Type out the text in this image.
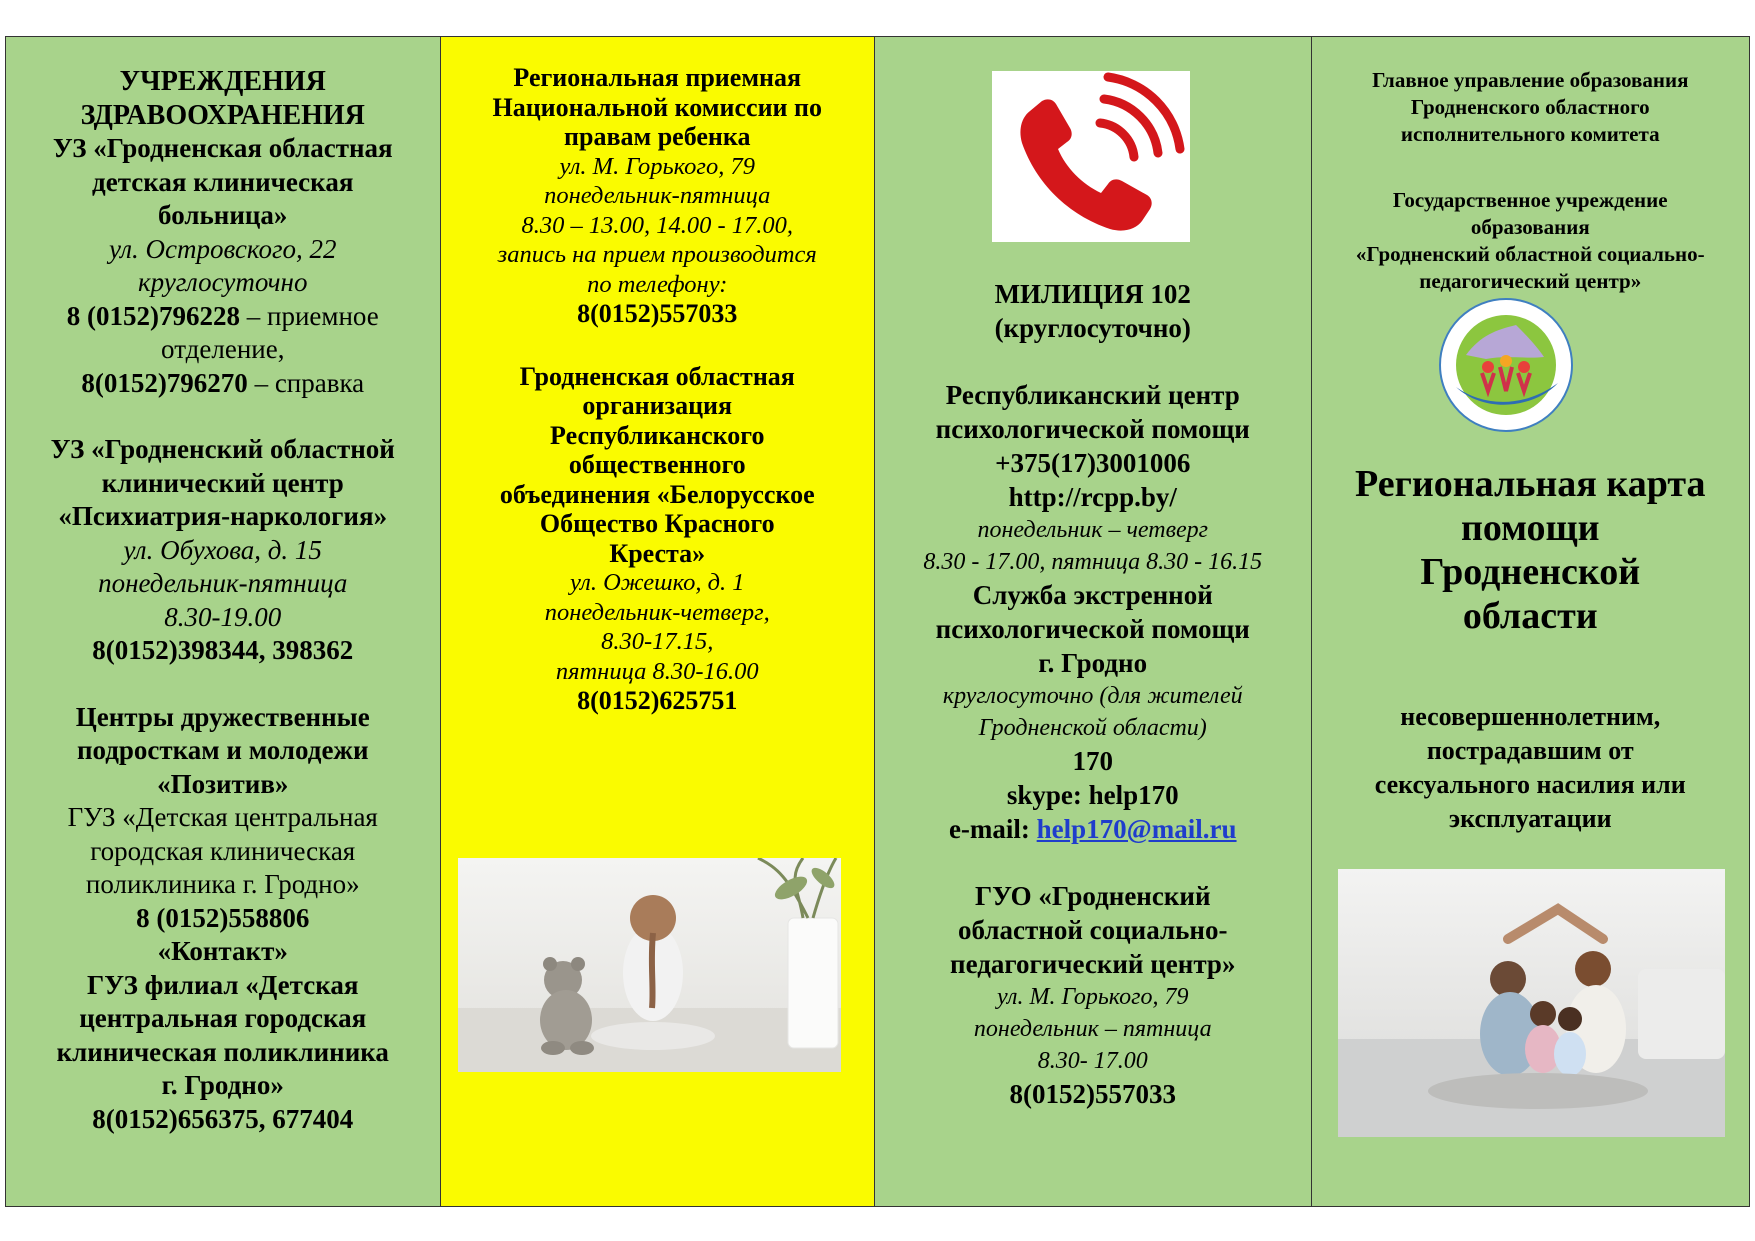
УЧРЕЖДЕНИЯ

ЗДРАВООХРАНЕНИЯ

УЗ «Гродненская областная

детская клиническая

больница»

ул. Островского, 22

круглосуточно

8 (0152)796228 – приемное

отделение,

8(0152)796270 – справка

УЗ «Гродненский областной

клинический центр

«Психиатрия-наркология»

ул. Обухова, д. 15

понедельник-пятница

8.30-19.00

8(0152)398344, 398362

Центры дружественные

подросткам и молодежи

«Позитив»

ГУЗ «Детская центральная

городская клиническая

поликлиника г. Гродно»

8 (0152)558806

«Контакт»

ГУЗ филиал «Детская

центральная городская

клиническая поликлиника

г. Гродно»

8(0152)656375, 677404

Региональная приемная

Национальной комиссии по

правам ребенка

ул. М. Горького, 79

понедельник-пятница

8.30 – 13.00, 14.00 - 17.00,

запись на прием производится

по телефону:

8(0152)557033

Гродненская областная

организация

Республиканского

общественного

объединения «Белорусское

Общество Красного

Креста»

ул. Ожешко, д. 1

понедельник-четверг,

8.30-17.15,

пятница 8.30-16.00

8(0152)625751

МИЛИЦИЯ 102

(круглосуточно)

Республиканский центр

психологической помощи

+375(17)3001006

http://rcpp.by/

понедельник – четверг

8.30 - 17.00, пятница 8.30 - 16.15

Служба экстренной

психологической помощи

г. Гродно

круглосуточно (для жителей

Гродненской области)

170

skype: help170

e-mail: help170@mail.ru

ГУО «Гродненский

областной социально-

педагогический центр»

ул. М. Горького, 79

понедельник – пятница

8.30- 17.00

8(0152)557033

Главное управление образования

Гродненского областного

исполнительного комитета

Государственное учреждение

образования

«Гродненский областной социально-

педагогический центр»

Региональная карта

помощи

Гродненской

области

несовершеннолетним,

пострадавшим от

сексуального насилия или

эксплуатации
